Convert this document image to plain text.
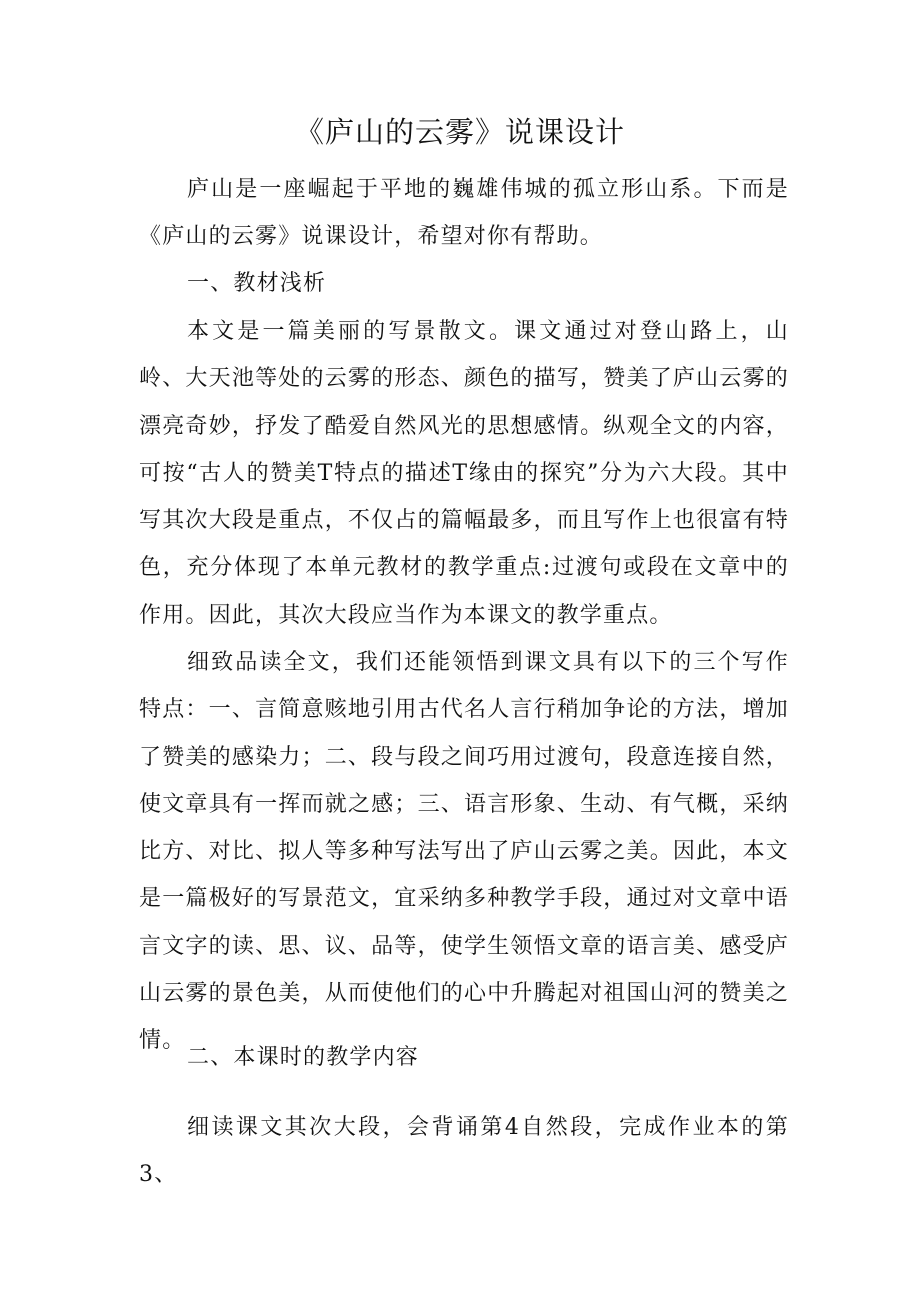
《庐山的云雾》说课设计

庐山是一座崛起于平地的巍雄伟城的孤立形山系。下而是《庐山的云雾》说课设计，希望对你有帮助。

一、教材浅析

本文是一篇美丽的写景散文。课文通过对登山路上，山岭、大天池等处的云雾的形态、颜色的描写，赞美了庐山云雾的漂亮奇妙，抒发了酷爱自然风光的思想感情。纵观全文的内容，可按“古人的赞美T特点的描述T缘由的探究”分为六大段。其中写其次大段是重点，不仅占的篇幅最多，而且写作上也很富有特色，充分体现了本单元教材的教学重点:过渡句或段在文章中的作用。因此，其次大段应当作为本课文的教学重点。

细致品读全文，我们还能领悟到课文具有以下的三个写作特点：一、言简意赅地引用古代名人言行稍加争论的方法，增加了赞美的感染力；二、段与段之间巧用过渡句，段意连接自然，使文章具有一挥而就之感；三、语言形象、生动、有气概，采纳比方、对比、拟人等多种写法写出了庐山云雾之美。因此，本文是一篇极好的写景范文，宜采纳多种教学手段，通过对文章中语言文字的读、思、议、品等，使学生领悟文章的语言美、感受庐山云雾的景色美，从而使他们的心中升腾起对祖国山河的赞美之情。

二、本课时的教学内容

细读课文其次大段，会背诵第4自然段，完成作业本的第3、
